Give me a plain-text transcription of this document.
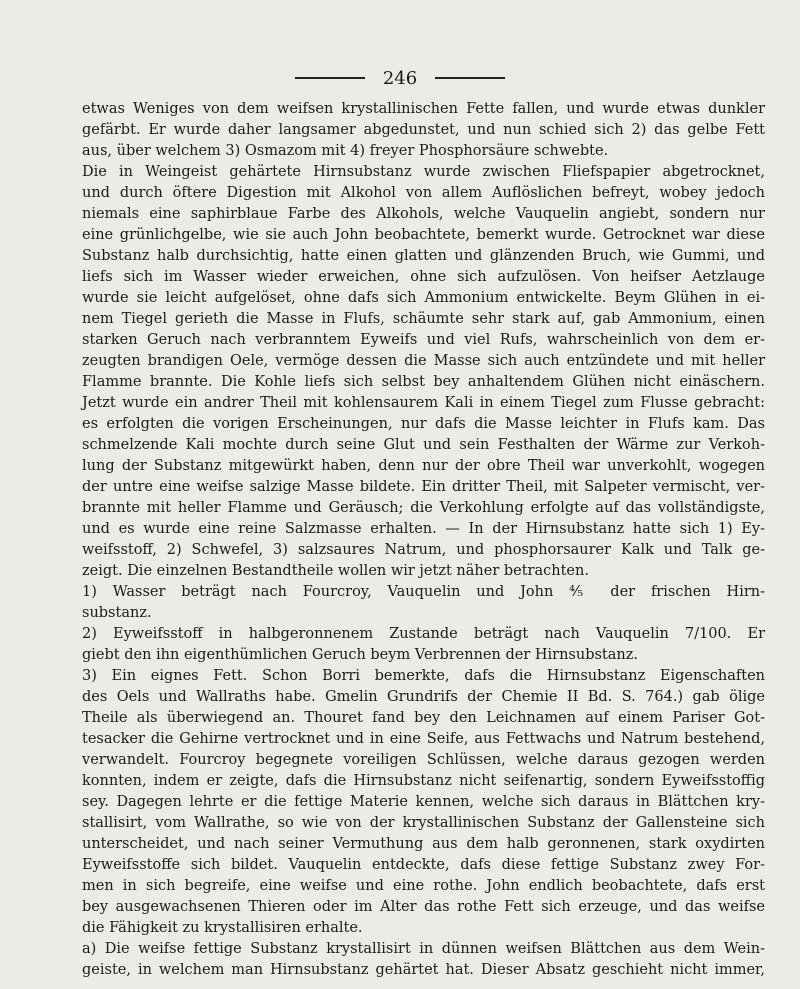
246
etwas Weniges von dem weifsen krystallinischen Fette fallen, und wurde etwas dunkler
gefärbt. Er wurde daher langsamer abgedunstet, und nun schied sich 2) das gelbe Fett
aus, über welchem 3) Osmazom mit 4) freyer Phosphorsäure schwebte.
Die in Weingeist gehärtete Hirnsubstanz wurde zwischen Fliefspapier abgetrocknet,
und durch öftere Digestion mit Alkohol von allem Auflöslichen befreyt, wobey jedoch
niemals eine saphirblaue Farbe des Alkohols, welche Vauquelin angiebt, sondern nur
eine grünlichgelbe, wie sie auch John beobachtete, bemerkt wurde. Getrocknet war diese
Substanz halb durchsichtig, hatte einen glatten und glänzenden Bruch, wie Gummi, und
liefs sich im Wasser wieder erweichen, ohne sich aufzulösen. Von heifser Aetzlauge
wurde sie leicht aufgelöset, ohne dafs sich Ammonium entwickelte. Beym Glühen in ei-
nem Tiegel gerieth die Masse in Flufs, schäumte sehr stark auf, gab Ammonium, einen
starken Geruch nach verbranntem Eyweifs und viel Rufs, wahrscheinlich von dem er-
zeugten brandigen Oele, vermöge dessen die Masse sich auch entzündete und mit heller
Flamme brannte. Die Kohle liefs sich selbst bey anhaltendem Glühen nicht einäschern.
Jetzt wurde ein andrer Theil mit kohlensaurem Kali in einem Tiegel zum Flusse gebracht:
es erfolgten die vorigen Erscheinungen, nur dafs die Masse leichter in Flufs kam. Das
schmelzende Kali mochte durch seine Glut und sein Festhalten der Wärme zur Verkoh-
lung der Substanz mitgewürkt haben, denn nur der obre Theil war unverkohlt, wogegen
der untre eine weifse salzige Masse bildete. Ein dritter Theil, mit Salpeter vermischt, ver-
brannte mit heller Flamme und Geräusch; die Verkohlung erfolgte auf das vollständigste,
und es wurde eine reine Salzmasse erhalten. — In der Hirnsubstanz hatte sich 1) Ey-
weifsstoff, 2) Schwefel, 3) salzsaures Natrum, und phosphorsaurer Kalk und Talk ge-
zeigt. Die einzelnen Bestandtheile wollen wir jetzt näher betrachten.
1) Wasser beträgt nach Fourcroy, Vauquelin und John ⅘ der frischen Hirn-
substanz.
2) Eyweifsstoff in halbgeronnenem Zustande beträgt nach Vauquelin 7/100. Er
giebt den ihn eigenthümlichen Geruch beym Verbrennen der Hirnsubstanz.
3) Ein eignes Fett. Schon Borri bemerkte, dafs die Hirnsubstanz Eigenschaften
des Oels und Wallraths habe. Gmelin Grundrifs der Chemie II Bd. S. 764.) gab ölige
Theile als überwiegend an. Thouret fand bey den Leichnamen auf einem Pariser Got-
tesacker die Gehirne vertrocknet und in eine Seife, aus Fettwachs und Natrum bestehend,
verwandelt. Fourcroy begegnete voreiligen Schlüssen, welche daraus gezogen werden
konnten, indem er zeigte, dafs die Hirnsubstanz nicht seifenartig, sondern Eyweifsstoffig
sey. Dagegen lehrte er die fettige Materie kennen, welche sich daraus in Blättchen kry-
stallisirt, vom Wallrathe, so wie von der krystallinischen Substanz der Gallensteine sich
unterscheidet, und nach seiner Vermuthung aus dem halb geronnenen, stark oxydirten
Eyweifsstoffe sich bildet. Vauquelin entdeckte, dafs diese fettige Substanz zwey For-
men in sich begreife, eine weifse und eine rothe. John endlich beobachtete, dafs erst
bey ausgewachsenen Thieren oder im Alter das rothe Fett sich erzeuge, und das weifse
die Fähigkeit zu krystallisiren erhalte.
a) Die weifse fettige Substanz krystallisirt in dünnen weifsen Blättchen aus dem Wein-
geiste, in welchem man Hirnsubstanz gehärtet hat. Dieser Absatz geschieht nicht immer,
